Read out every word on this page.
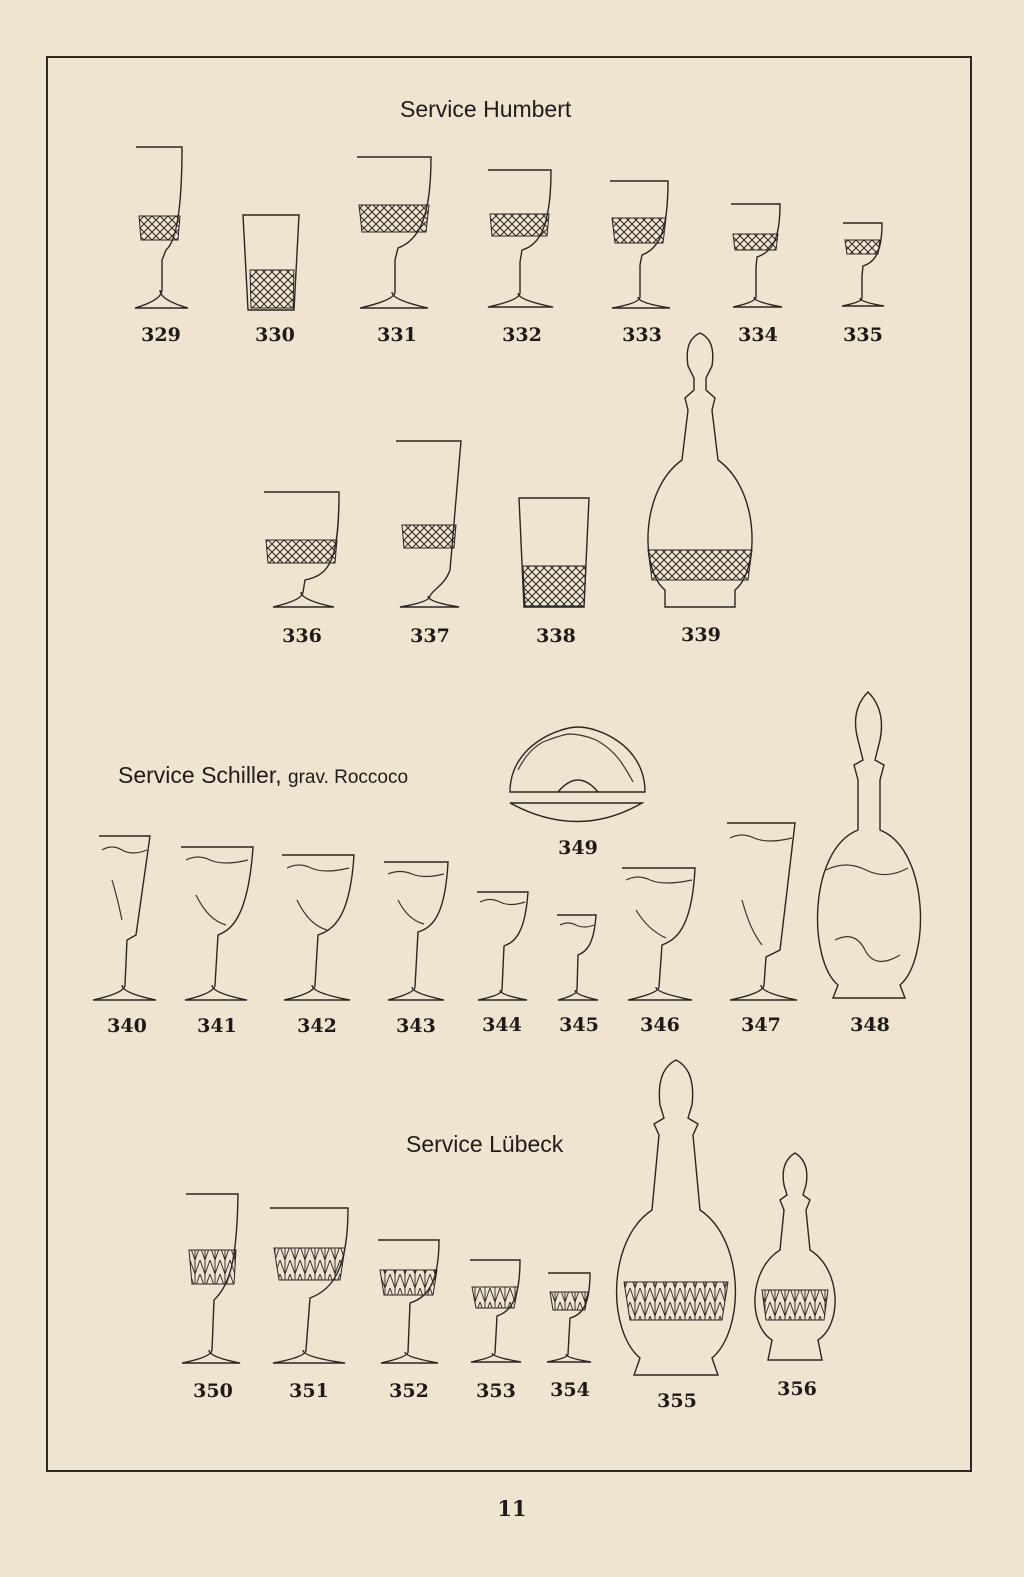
Service Humbert
Service Schiller, grav. Roccoco
Service Lübeck
329	330	331	332	333	334	335
336	337	338	339
340	341	342	343 344 345 346	347	348
349
350	351	352 353 354	355
356
11
